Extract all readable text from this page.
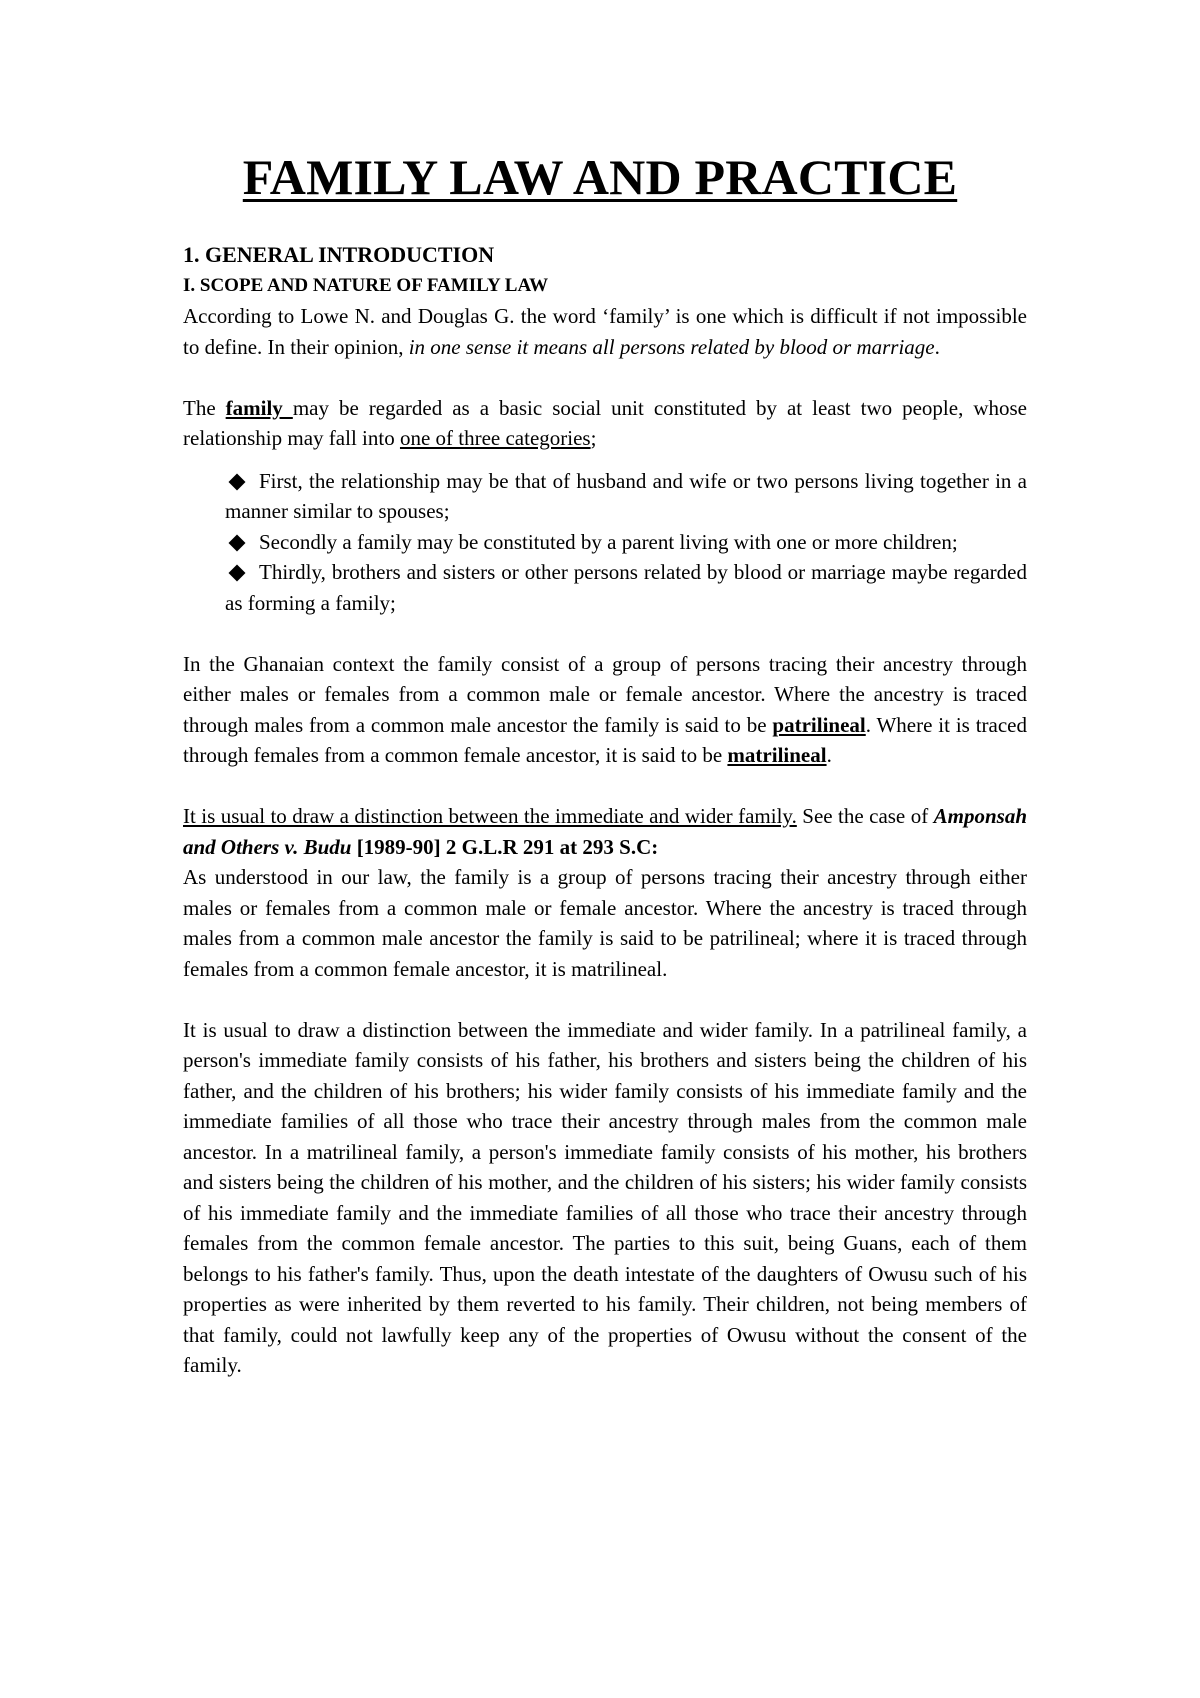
FAMILY LAW AND PRACTICE

1. GENERAL INTRODUCTION

I. SCOPE AND NATURE OF FAMILY LAW

According to Lowe N. and Douglas G. the word ‘family’ is one which is difficult if not impossible to define. In their opinion, in one sense it means all persons related by blood or marriage.

The family may be regarded as a basic social unit constituted by at least two people, whose relationship may fall into one of three categories;

First, the relationship may be that of husband and wife or two persons living together in a manner similar to spouses;
Secondly a family may be constituted by a parent living with one or more children;
Thirdly, brothers and sisters or other persons related by blood or marriage maybe regarded as forming a family;

In the Ghanaian context the family consist of a group of persons tracing their ancestry through either males or females from a common male or female ancestor. Where the ancestry is traced through males from a common male ancestor the family is said to be patrilineal. Where it is traced through females from a common female ancestor, it is said to be matrilineal.

It is usual to draw a distinction between the immediate and wider family. See the case of Amponsah and Others v. Budu [1989-90] 2 G.L.R 291 at 293 S.C:

As understood in our law, the family is a group of persons tracing their ancestry through either males or females from a common male or female ancestor. Where the ancestry is traced through males from a common male ancestor the family is said to be patrilineal; where it is traced through females from a common female ancestor, it is matrilineal.

It is usual to draw a distinction between the immediate and wider family. In a patrilineal family, a person's immediate family consists of his father, his brothers and sisters being the children of his father, and the children of his brothers; his wider family consists of his immediate family and the immediate families of all those who trace their ancestry through males from the common male ancestor. In a matrilineal family, a person's immediate family consists of his mother, his brothers and sisters being the children of his mother, and the children of his sisters; his wider family consists of his immediate family and the immediate families of all those who trace their ancestry through females from the common female ancestor. The parties to this suit, being Guans, each of them belongs to his father's family. Thus, upon the death intestate of the daughters of Owusu such of his properties as were inherited by them reverted to his family. Their children, not being members of that family, could not lawfully keep any of the properties of Owusu without the consent of the family.
